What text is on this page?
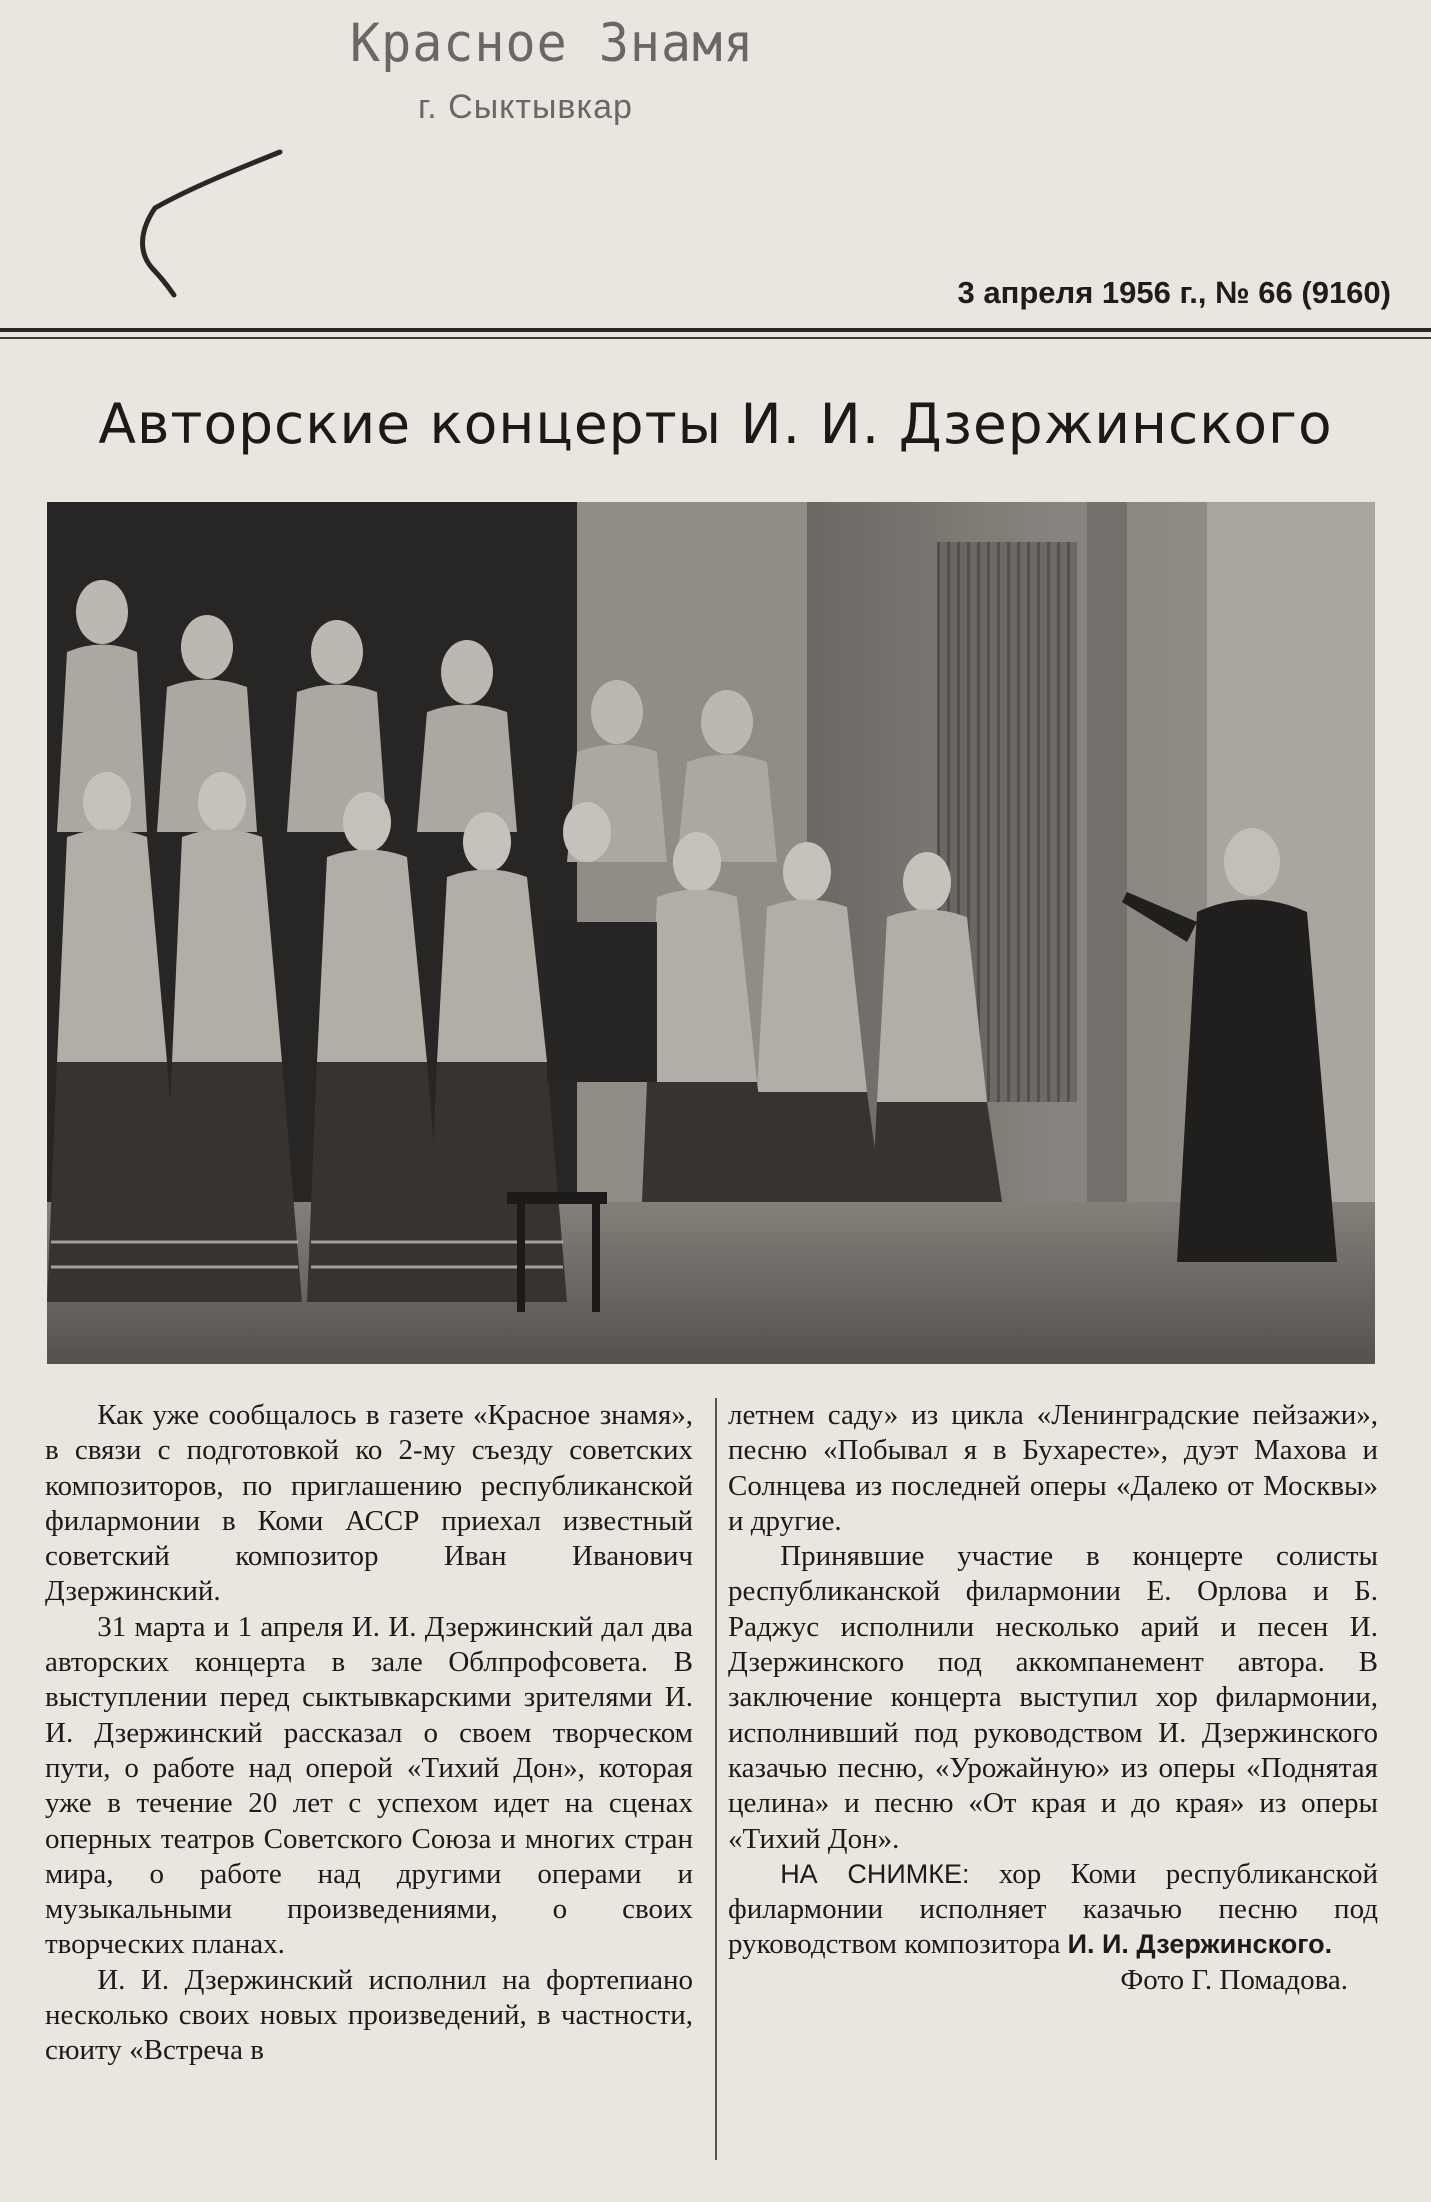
Красное Знамя
г. Сыктывкар
3 апреля 1956 г., № 66 (9160)
Авторские концерты И. И. Дзержинского

Как уже сообщалось в газете «Красное знамя», в связи с подготовкой ко 2-му съезду советских композиторов, по приглашению республиканской филармонии в Коми АССР приехал известный советский композитор Иван Иванович Дзержинский.

31 марта и 1 апреля И. И. Дзержинский дал два авторских концерта в зале Облпрофсовета. В выступлении перед сыктывкарскими зрителями И. И. Дзержинский рассказал о своем творческом пути, о работе над оперой «Тихий Дон», которая уже в течение 20 лет с успехом идет на сценах оперных театров Советского Союза и многих стран мира, о работе над другими операми и музыкальными произведениями, о своих творческих планах.

И. И. Дзержинский исполнил на фортепиано несколько своих новых произведений, в частности, сюиту «Встреча в

летнем саду» из цикла «Ленинградские пейзажи», песню «Побывал я в Бухаресте», дуэт Махова и Солнцева из последней оперы «Далеко от Москвы» и другие.

Принявшие участие в концерте солисты республиканской филармонии Е. Орлова и Б. Раджус исполнили несколько арий и песен И. Дзержинского под аккомпанемент автора. В заключение концерта выступил хор филармонии, исполнивший под руководством И. Дзержинского казачью песню, «Урожайную» из оперы «Поднятая целина» и песню «От края и до края» из оперы «Тихий Дон».

НА СНИМКЕ: хор Коми республиканской филармонии исполняет казачью песню под руководством композитора И. И. Дзержинского.

Фото Г. Помадова.
